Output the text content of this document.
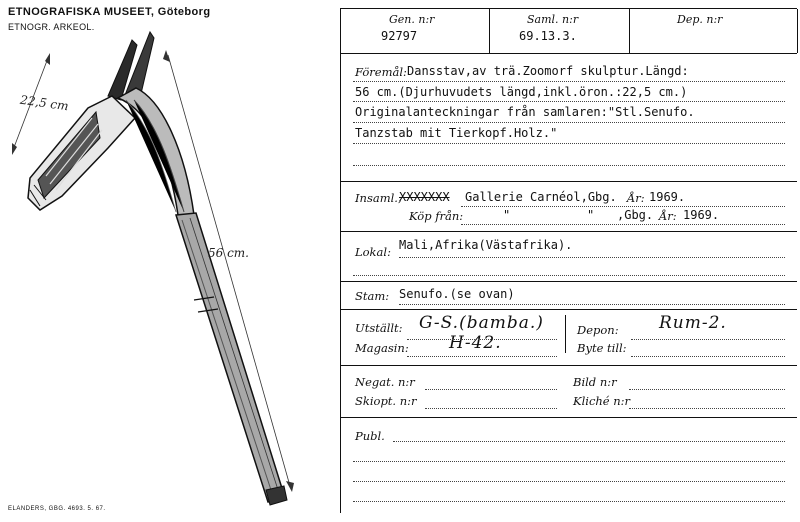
ETNOGRAFISKA MUSEET, Göteborg
ETNOGR. ARKEOL.
22,5 cm
56 cm.
ELANDERS, GBG. 4693. 5. 67.
Gen. n:r
92797
Saml. n:r
69.13.3.
Dep. n:r
Föremål: Dansstav,av trä.Zoomorf skulptur.Längd:
56 cm.(Djurhuvudets längd,inkl.öron.:22,5 cm.)
Originalanteckningar från samlaren:"Stl.Senufo.
Tanzstab mit Tierkopf.Holz."
Insaml.,
XXXXXXX Gallerie Carnéol,Gbg. År: 1969.
Köp från:	"	" ,Gbg. År: 1969.
Lokal: Mali,Afrika(Västafrika).
Stam: Senufo.(se ovan)
Utställt: G-S.(bamba.)	Depon: Rum-2.
Magasin: H-42.	Byte till:
Negat. n:r	Bild n:r
Skiopt. n:r	Kliché n:r
Publ.
